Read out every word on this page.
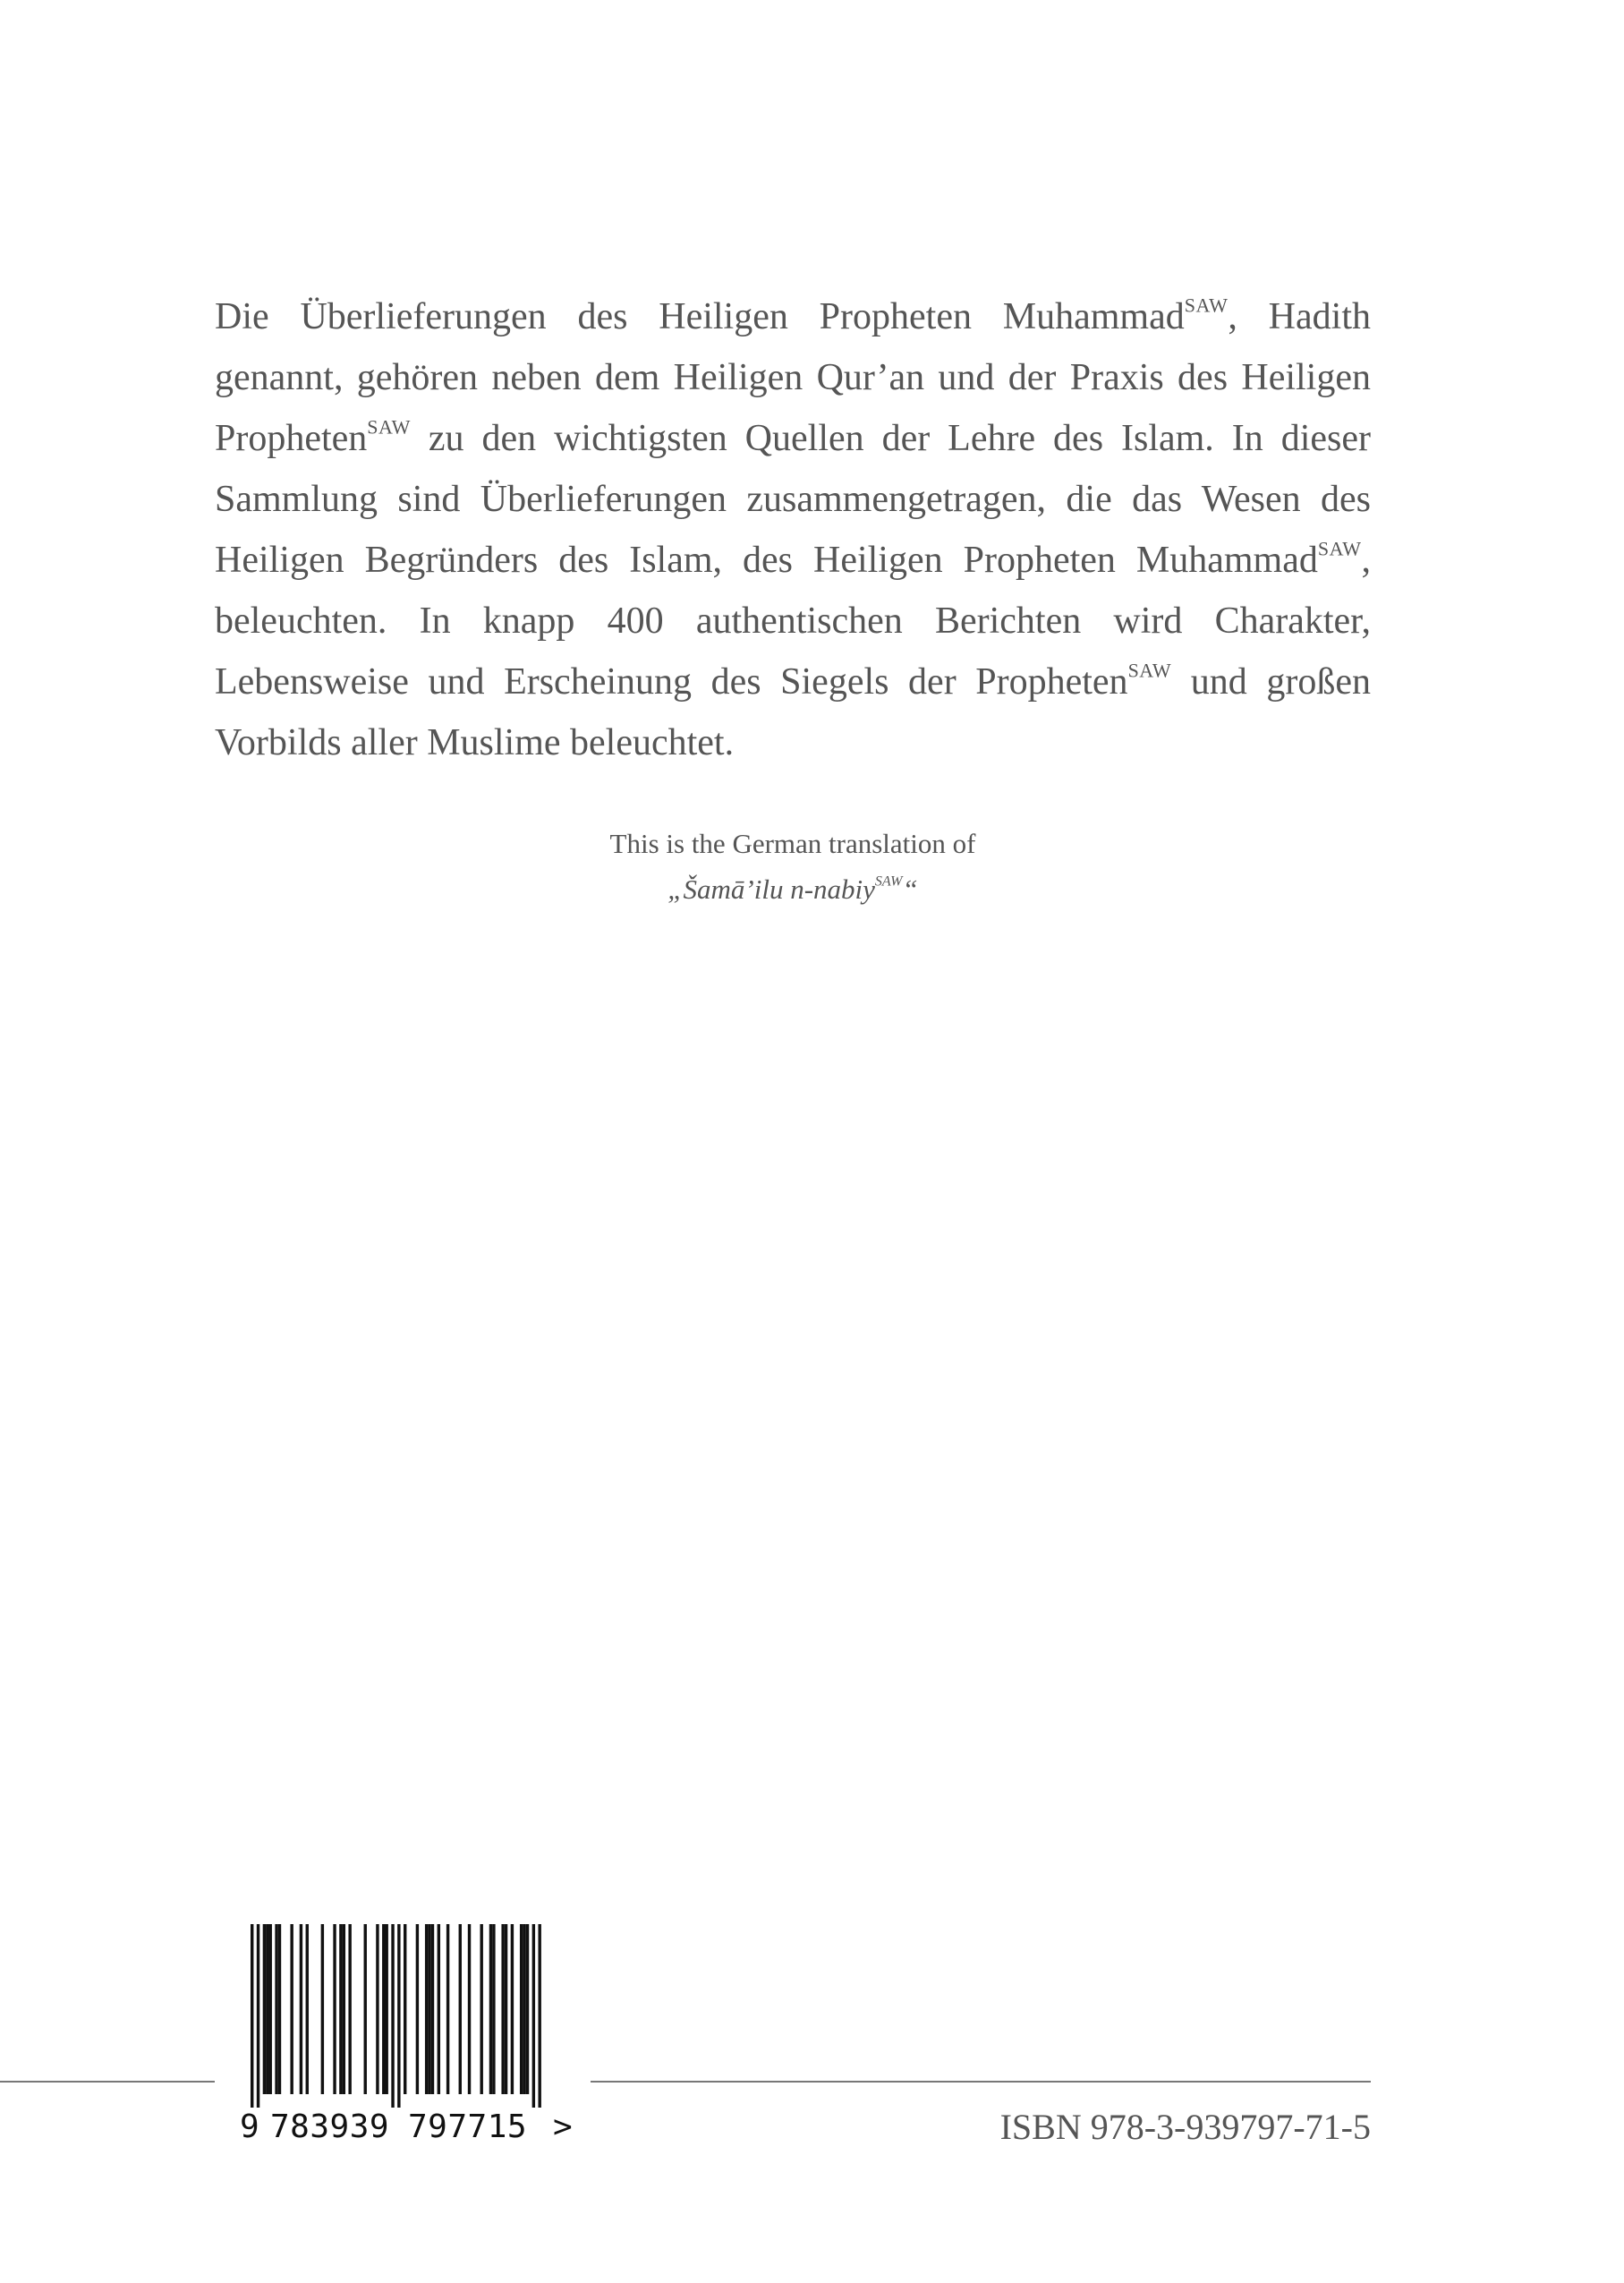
Die Überlieferungen des Heiligen Propheten Muhammad$^{SAW}$, Hadith genannt, gehören neben dem Heiligen Qur’an und der Praxis des Heiligen Propheten$^{SAW}$ zu den wichtigsten Quellen der Lehre des Islam. In dieser Sammlung sind Überlieferungen zusammengetragen, die das Wesen des Heiligen Begründers des Islam, des Heiligen Propheten Muhammad$^{SAW}$, beleuchten. In knapp 400 authentischen Berichten wird Charakter, Lebensweise und Erscheinung des Siegels der Propheten$^{SAW}$ und großen Vorbilds aller Muslime beleuchtet.

This is the German translation of

„Šamā’ilu n-nabiy$^{SAW}$“

9 783939 797715 >	ISBN 978-3-939797-71-5
